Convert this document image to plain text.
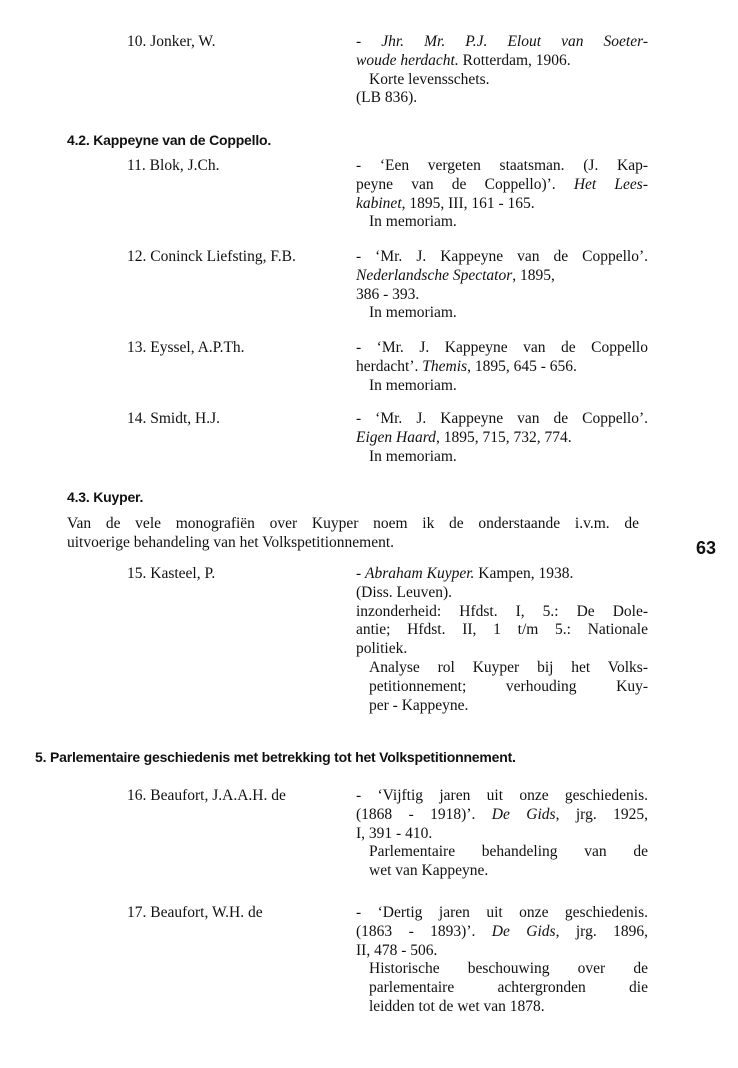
10. Jonker, W.	- Jhr. Mr. P.J. Elout van Soeter-
woude herdacht. Rotterdam, 1906.
Korte levensschets.
(LB 836).
4.2. Kappeyne van de Coppello.
11. Blok, J.Ch.	- ‘Een vergeten staatsman. (J. Kap-
peyne van de Coppello)’. Het Lees-
kabinet, 1895, III, 161 - 165.
In memoriam.
12. Coninck Liefsting, F.B.	- ‘Mr. J. Kappeyne van de Coppello’.
Nederlandsche Spectator, 1895,
386 - 393.
In memoriam.
13. Eyssel, A.P.Th.	- ‘Mr. J. Kappeyne van de Coppello
herdacht’. Themis, 1895, 645 - 656.
In memoriam.
14. Smidt, H.J.	- ‘Mr. J. Kappeyne van de Coppello’.
Eigen Haard, 1895, 715, 732, 774.
In memoriam.
4.3. Kuyper.
Van de vele monografiën over Kuyper noem ik de onderstaande i.v.m. de
uitvoerige behandeling van het Volkspetitionnement.	63
15. Kasteel, P.	- Abraham Kuyper. Kampen, 1938.
(Diss. Leuven).
inzonderheid: Hfdst. I, 5.: De Dole-
antie; Hfdst. II, 1 t/m 5.: Nationale
politiek.
Analyse rol Kuyper bij het Volks-
petitionnement; verhouding Kuy-
per - Kappeyne.
5. Parlementaire geschiedenis met betrekking tot het Volkspetitionnement.
16. Beaufort, J.A.A.H. de	- ‘Vijftig jaren uit onze geschiedenis.
(1868 - 1918)’. De Gids, jrg. 1925,
I, 391 - 410.
Parlementaire behandeling van de
wet van Kappeyne.
17. Beaufort, W.H. de	- ‘Dertig jaren uit onze geschiedenis.
(1863 - 1893)’. De Gids, jrg. 1896,
II, 478 - 506.
Historische beschouwing over de
parlementaire achtergronden die
leidden tot de wet van 1878.
